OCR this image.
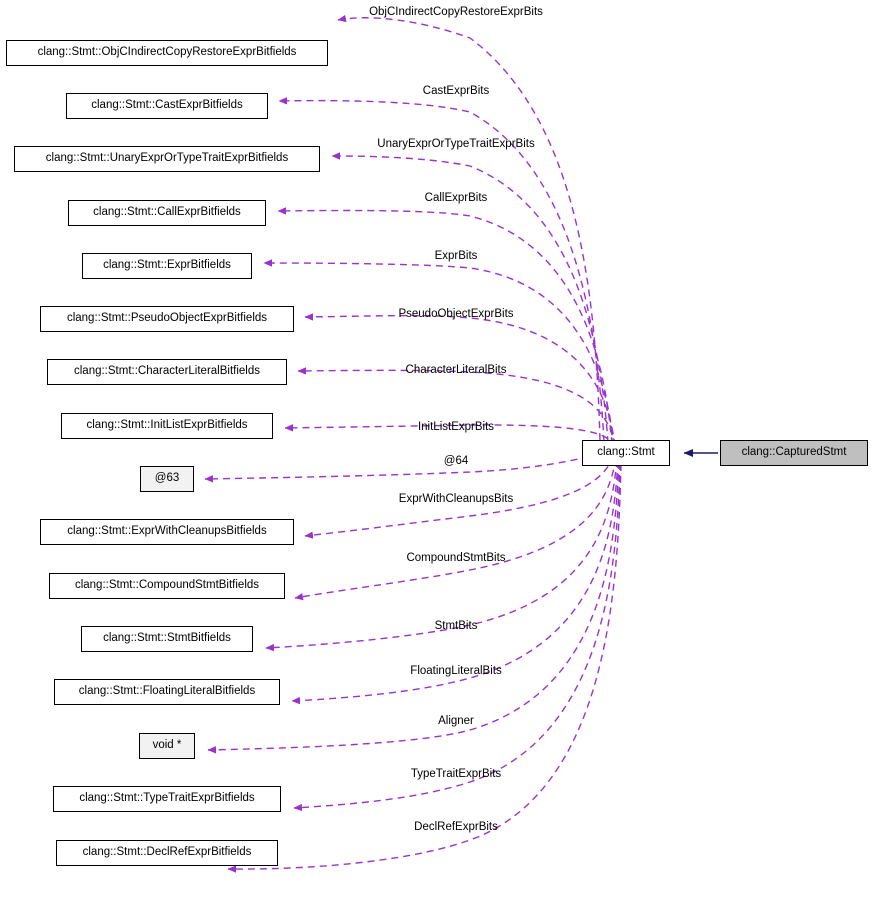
clang::Stmt::ObjCIndirectCopyRestoreExprBitfields
clang::Stmt::CastExprBitfields
clang::Stmt::UnaryExprOrTypeTraitExprBitfields
clang::Stmt::CallExprBitfields
clang::Stmt::ExprBitfields
clang::Stmt::PseudoObjectExprBitfields
clang::Stmt::CharacterLiteralBitfields
clang::Stmt::InitListExprBitfields
@63
clang::Stmt::ExprWithCleanupsBitfields
clang::Stmt::CompoundStmtBitfields
clang::Stmt::StmtBitfields
clang::Stmt::FloatingLiteralBitfields
void *
clang::Stmt::TypeTraitExprBitfields
clang::Stmt::DeclRefExprBitfields
clang::Stmt	clang::CapturedStmt
ObjCIndirectCopyRestoreExprBits
CastExprBits
UnaryExprOrTypeTraitExprBits
CallExprBits
ExprBits
PseudoObjectExprBits
CharacterLiteralBits
InitListExprBits
@64
ExprWithCleanupsBits
CompoundStmtBits
StmtBits
FloatingLiteralBits
Aligner
TypeTraitExprBits
DeclRefExprBits
